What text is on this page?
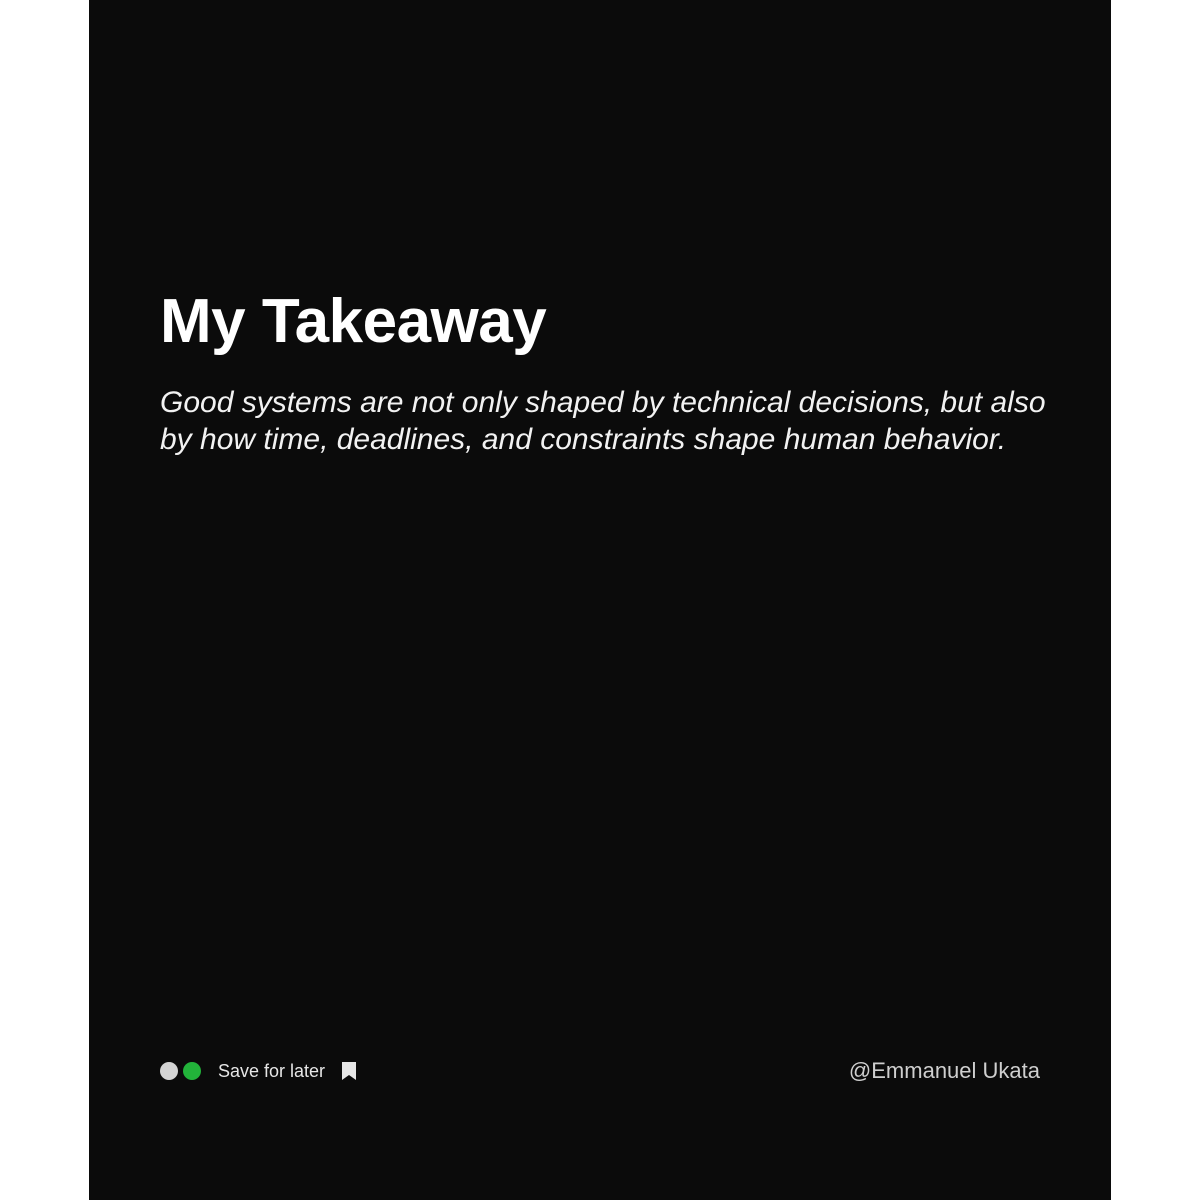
My Takeaway

Good systems are not only shaped by technical decisions, but also by how time, deadlines, and constraints shape human behavior.

Save for later	@Emmanuel Ukata
